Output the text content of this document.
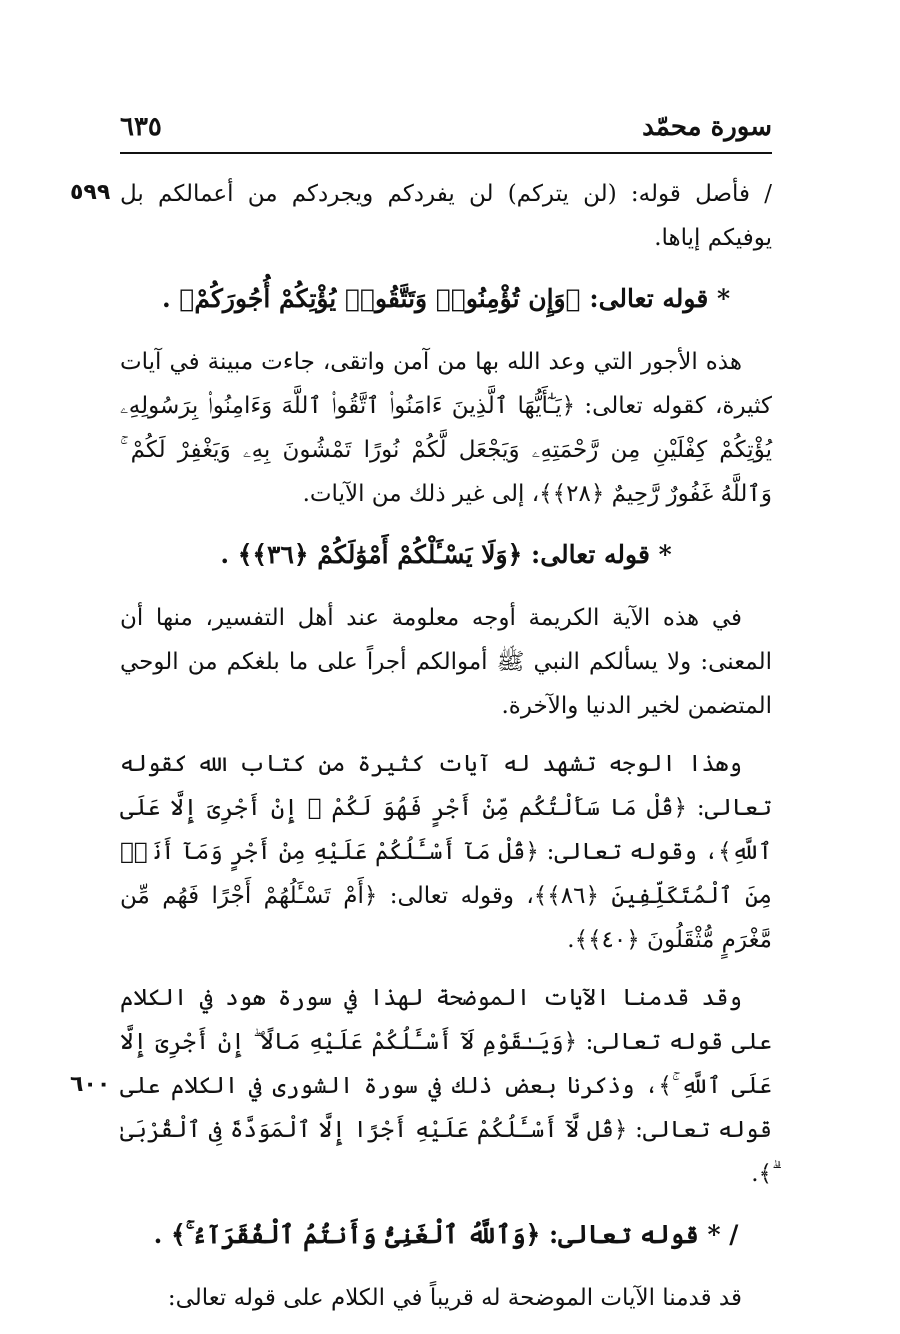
٦٣٥	سورة محمّد
٥٩٩
٦٠٠

/ فأصل قوله: (لن يتركم) لن يفردكم ويجردكم من أعمالكم بل يوفيكم إياها.

* قوله تعالى: ﴿وَإِن تُؤْمِنُوا۟ وَتَتَّقُوا۟ يُؤْتِكُمْ أُجُورَكُمْ﴾ .

هذه الأجور التي وعد الله بها من آمن واتقى، جاءت مبينة في آيات كثيرة، كقوله تعالى: ﴿يَـٰٓأَيُّهَا ٱلَّذِينَ ءَامَنُوا۟ ٱتَّقُوا۟ ٱللَّهَ وَءَامِنُوا۟ بِرَسُولِهِۦ يُؤْتِكُمْ كِفْلَيْنِ مِن رَّحْمَتِهِۦ وَيَجْعَل لَّكُمْ نُورًا تَمْشُونَ بِهِۦ وَيَغْفِرْ لَكُمْ ۚ وَٱللَّهُ غَفُورٌ رَّحِيمٌ ﴿٢٨﴾﴾، إلى غير ذلك من الآيات.

* قوله تعالى: ﴿وَلَا يَسْـَٔلْكُمْ أَمْوَٰلَكُمْ ﴿٣٦﴾﴾ .

في هذه الآية الكريمة أوجه معلومة عند أهل التفسير، منها أن المعنى: ولا يسألكم النبي ﷺ أموالكم أجراً على ما بلغكم من الوحي المتضمن لخير الدنيا والآخرة.

وهذا الوجه تشهد له آيات كثيرة من كتاب الله كقوله تعالى: ﴿قُلْ مَا سَأَلْتُكُم مِّنْ أَجْرٍ فَهُوَ لَكُمْ ۖ إِنْ أَجْرِىَ إِلَّا عَلَى ٱللَّهِ﴾، وقوله تعالى: ﴿قُلْ مَآ أَسْـَٔلُكُمْ عَلَيْهِ مِنْ أَجْرٍ وَمَآ أَنَا۠ مِنَ ٱلْمُتَكَلِّفِينَ ﴿٨٦﴾﴾، وقوله تعالى: ﴿أَمْ تَسْـَٔلُهُمْ أَجْرًا فَهُم مِّن مَّغْرَمٍ مُّثْقَلُونَ ﴿٤٠﴾﴾.

وقد قدمنا الآيات الموضحة لهذا في سورة هود في الكلام على قوله تعالى: ﴿وَيَـٰقَوْمِ لَآ أَسْـَٔلُكُمْ عَلَيْهِ مَالًا ۖ إِنْ أَجْرِىَ إِلَّا عَلَى ٱللَّهِ ۚ﴾، وذكرنا بعض ذلك في سورة الشورى في الكلام على قوله تعالى: ﴿قُل لَّآ أَسْـَٔلُكُمْ عَلَيْهِ أَجْرًا إِلَّا ٱلْمَوَدَّةَ فِى ٱلْقُرْبَىٰ ۗ﴾.

/ * قوله تعالى: ﴿وَٱللَّهُ ٱلْغَنِىُّ وَأَنتُمُ ٱلْفُقَرَآءُ ۚ﴾ .

قد قدمنا الآيات الموضحة له قريباً في الكلام على قوله تعالى:
